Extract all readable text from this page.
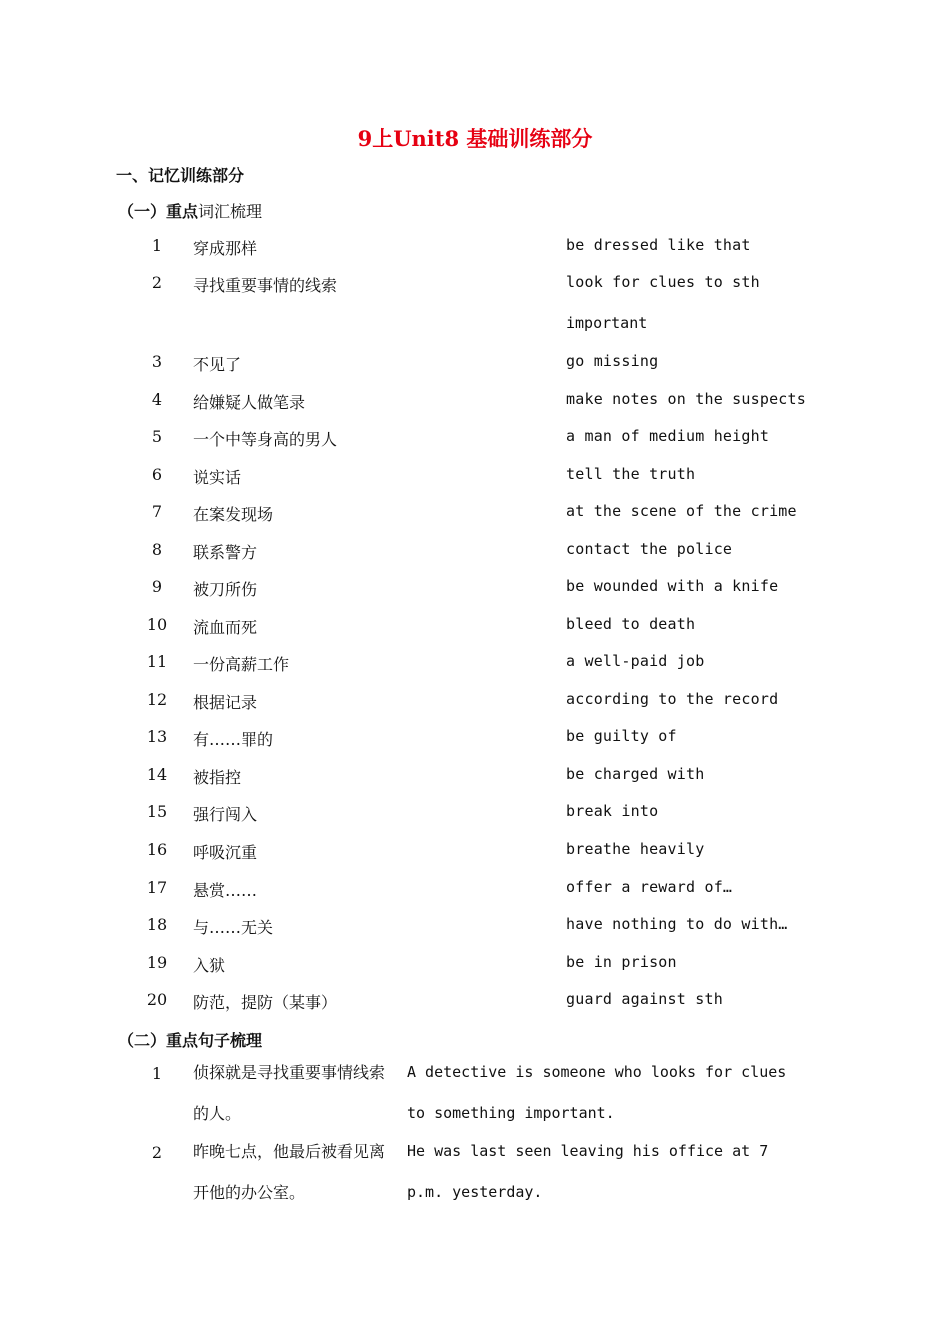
9上Unit8 基础训练部分
一、记忆训练部分
（一）重点词汇梳理
1	穿成那样	be dressed like that
2	寻找重要事情的线索	look for clues to sth
important
3	不见了	go missing
4	给嫌疑人做笔录	make notes on the suspects
5	一个中等身高的男人	a man of medium height
6	说实话	tell the truth
7	在案发现场	at the scene of the crime
8	联系警方	contact the police
9	被刀所伤	be wounded with a knife
10 流血而死	bleed to death
11 一份高薪工作	a well-paid job
12 根据记录	according to the record
13 有……罪的	be guilty of
14 被指控	be charged with
15 强行闯入	break into
16 呼吸沉重	breathe heavily
17 悬赏……	offer a reward of…
18 与……无关	have nothing to do with…
19 入狱	be in prison
20 防范，提防（某事）	guard against sth
（二）重点句子梳理
1	侦探就是寻找重要事情线索的人。
A detective is someone who looks for clues to something important.
2	昨晚七点，他最后被看见离开他的办公室。
He was last seen leaving his office at 7 p.m. yesterday.
